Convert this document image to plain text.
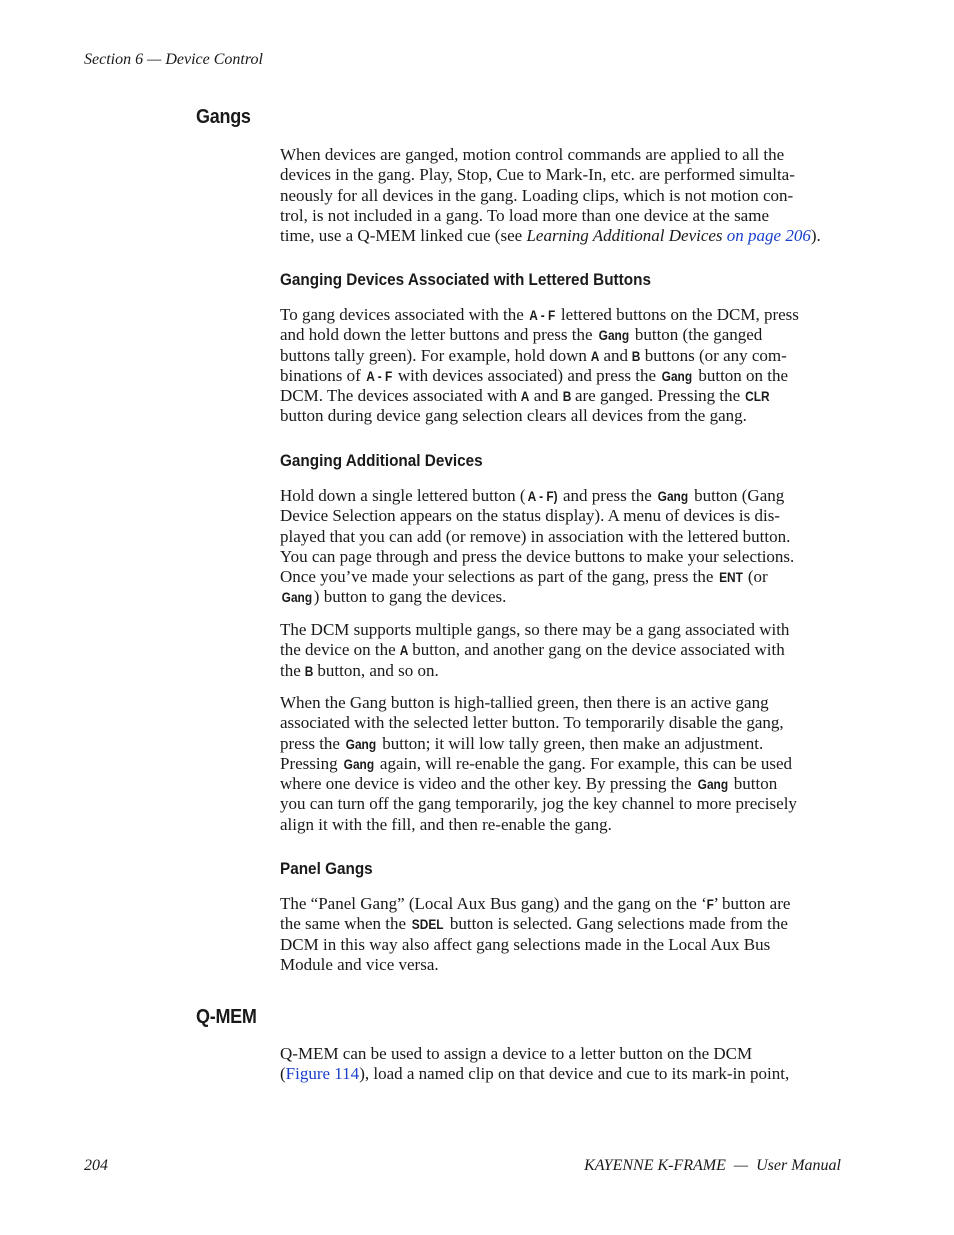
Section 6 — Device Control
Gangs
When devices are ganged, motion control commands are applied to all the
devices in the gang. Play, Stop, Cue to Mark-In, etc. are performed simulta-
neously for all devices in the gang. Loading clips, which is not motion con-
trol, is not included in a gang. To load more than one device at the same
time, use a Q-MEM linked cue (see Learning Additional Devices on page 206).
Ganging Devices Associated with Lettered Buttons
To gang devices associated with the A - F lettered buttons on the DCM, press
and hold down the letter buttons and press the Gang button (the ganged
buttons tally green). For example, hold down A and B buttons (or any com-
binations of A - F with devices associated) and press the Gang button on the
DCM. The devices associated with A and B are ganged. Pressing the CLR
button during device gang selection clears all devices from the gang.
Ganging Additional Devices
Hold down a single lettered button ( A - F) and press the Gang button (Gang
Device Selection appears on the status display). A menu of devices is dis-
played that you can add (or remove) in association with the lettered button.
You can page through and press the device buttons to make your selections.
Once you’ve made your selections as part of the gang, press the ENT (or
Gang) button to gang the devices.
The DCM supports multiple gangs, so there may be a gang associated with
the device on the A button, and another gang on the device associated with
the B button, and so on.
When the Gang button is high-tallied green, then there is an active gang
associated with the selected letter button. To temporarily disable the gang,
press the Gang button; it will low tally green, then make an adjustment.
Pressing Gang again, will re-enable the gang. For example, this can be used
where one device is video and the other key. By pressing the Gang button
you can turn off the gang temporarily, jog the key channel to more precisely
align it with the fill, and then re-enable the gang.
Panel Gangs
The “Panel Gang” (Local Aux Bus gang) and the gang on the ‘F’ button are
the same when the SDEL button is selected. Gang selections made from the
DCM in this way also affect gang selections made in the Local Aux Bus
Module and vice versa.
Q-MEM
Q-MEM can be used to assign a device to a letter button on the DCM
(Figure 114), load a named clip on that device and cue to its mark-in point,
204	KAYENNE K-FRAME  —  User Manual
